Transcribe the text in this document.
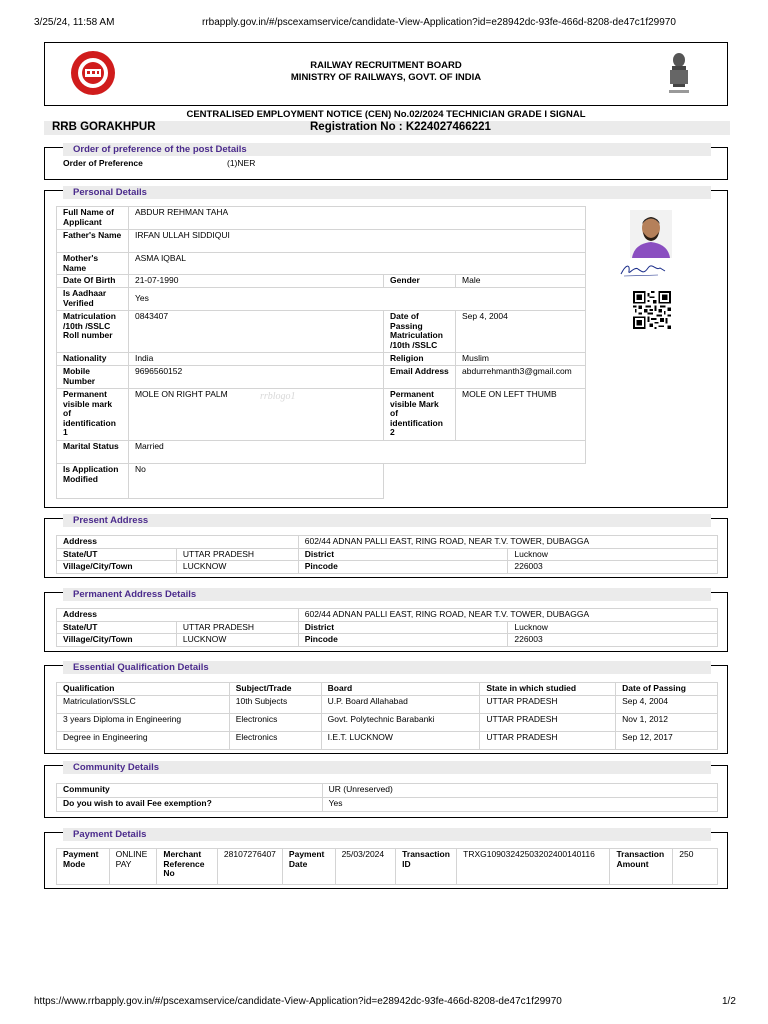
3/25/24, 11:58 AM	rrbapply.gov.in/#/pscexamservice/candidate-View-Application?id=e28942dc-93fe-466d-8208-de47c1f29970
https://www.rrbapply.gov.in/#/pscexamservice/candidate-View-Application?id=e28942dc-93fe-466d-8208-de47c1f29970	1/2
RAILWAY RECRUITMENT BOARD
MINISTRY OF RAILWAYS, GOVT. OF INDIA
CENTRALISED EMPLOYMENT NOTICE (CEN) No.02/2024 TECHNICIAN GRADE I SIGNAL
RRB GORAKHPUR	Registration No : K224027466221
Order of preference of the post Details
Order of Preference	(1)NER
Personal Details
Full Name of Applicant	ABDUR REHMAN TAHA		
Father's Name	IRFAN ULLAH SIDDIQUI		
Mother's Name	ASMA IQBAL		
Date Of Birth	21-07-1990	Gender	Male
Is Aadhaar Verified	Yes		
Matriculation /10th /SSLC Roll number	0843407	Date of Passing Matriculation /10th /SSLC	Sep 4, 2004
Nationality	India	Religion	Muslim
Mobile Number	9696560152	Email Address	abdurrehmanth3@gmail.com
Permanent visible mark of identification 1	MOLE ON RIGHT PALM	Permanent visible Mark of identification 2	MOLE ON LEFT THUMB
Marital Status	Married		
Is Application Modified	No		
rrblogo1
Present Address
Address		602/44 ADNAN PALLI EAST, RING ROAD, NEAR T.V. TOWER, DUBAGGA	
State/UT	UTTAR PRADESH	District	Lucknow
Village/City/Town	LUCKNOW	Pincode	226003
Permanent Address Details
Address		602/44 ADNAN PALLI EAST, RING ROAD, NEAR T.V. TOWER, DUBAGGA	
State/UT	UTTAR PRADESH	District	Lucknow
Village/City/Town	LUCKNOW	Pincode	226003
Essential Qualification Details
Qualification	Subject/Trade	Board	State in which studied	Date of Passing
Matriculation/SSLC	10th Subjects	U.P. Board Allahabad	UTTAR PRADESH	Sep 4, 2004
3 years Diploma in Engineering	Electronics	Govt. Polytechnic Barabanki	UTTAR PRADESH	Nov 1, 2012
Degree in Engineering	Electronics	I.E.T. LUCKNOW	UTTAR PRADESH	Sep 12, 2017
Community Details
Community	UR (Unreserved)
Do you wish to avail Fee exemption?	Yes
Payment Details
Payment Mode	ONLINE PAY	Merchant Reference No	28107276407	Payment Date	25/03/2024	Transaction ID	TRXG10903242503202400140116	Transaction Amount	250
